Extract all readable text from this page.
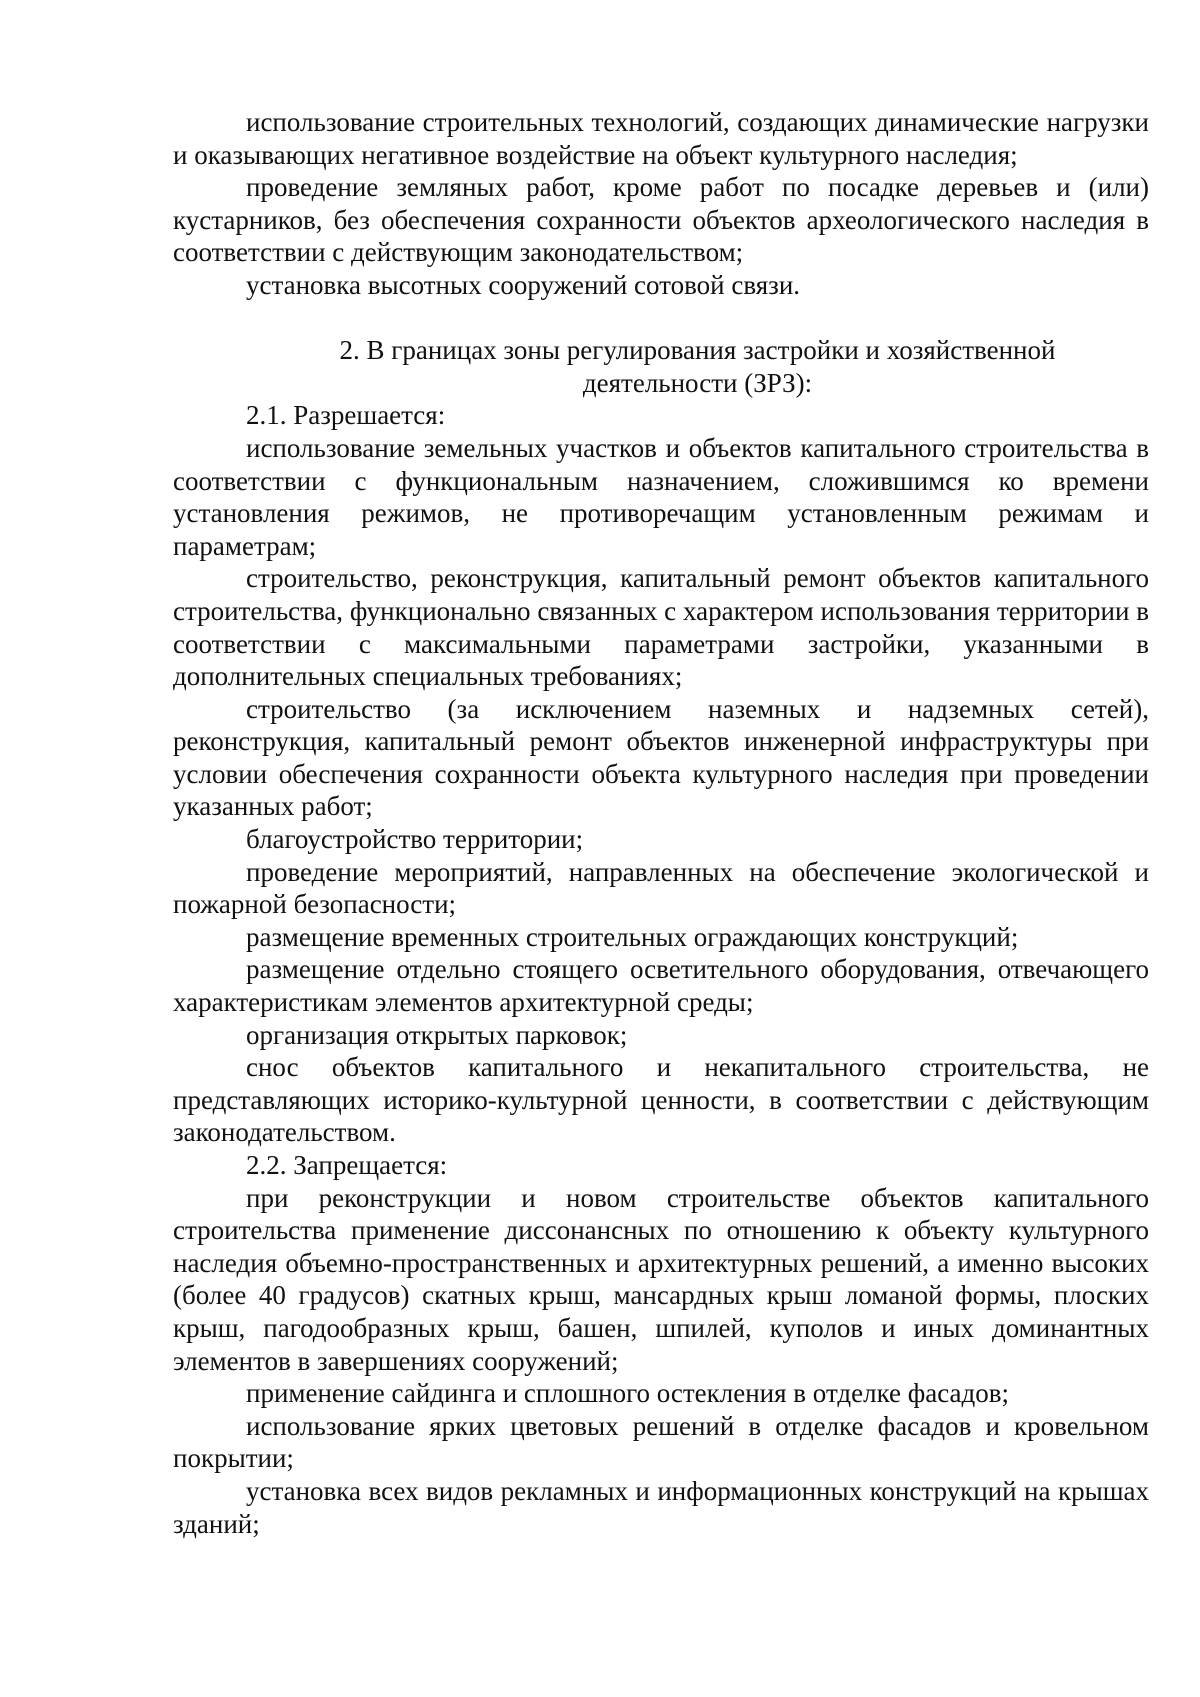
использование строительных технологий, создающих динамические нагрузки и оказывающих негативное воздействие на объект культурного наследия;

проведение земляных работ, кроме работ по посадке деревьев и (или) кустарников, без обеспечения сохранности объектов археологического наследия в соответствии с действующим законодательством;

установка высотных сооружений сотовой связи.

2. В границах зоны регулирования застройки и хозяйственной
деятельности (ЗРЗ):

2.1. Разрешается:

использование земельных участков и объектов капитального строительства в соответствии с функциональным назначением, сложившимся ко времени установления режимов, не противоречащим установленным режимам и параметрам;

строительство, реконструкция, капитальный ремонт объектов капитального строительства, функционально связанных с характером использования территории в соответствии с максимальными параметрами застройки, указанными в дополнительных специальных требованиях;

строительство (за исключением наземных и надземных сетей), реконструкция, капитальный ремонт объектов инженерной инфраструктуры при условии обеспечения сохранности объекта культурного наследия при проведении указанных работ;

благоустройство территории;

проведение мероприятий, направленных на обеспечение экологической и пожарной безопасности;

размещение временных строительных ограждающих конструкций;

размещение отдельно стоящего осветительного оборудования, отвечающего характеристикам элементов архитектурной среды;

организация открытых парковок;

снос объектов капитального и некапитального строительства, не представляющих историко-культурной ценности, в соответствии с действующим законодательством.

2.2. Запрещается:

при реконструкции и новом строительстве объектов капитального строительства применение диссонансных по отношению к объекту культурного наследия объемно-пространственных и архитектурных решений, а именно высоких (более 40 градусов) скатных крыш, мансардных крыш ломаной формы, плоских крыш, пагодообразных крыш, башен, шпилей, куполов и иных доминантных элементов в завершениях сооружений;

применение сайдинга и сплошного остекления в отделке фасадов;

использование ярких цветовых решений в отделке фасадов и кровельном покрытии;

установка всех видов рекламных и информационных конструкций на крышах зданий;
